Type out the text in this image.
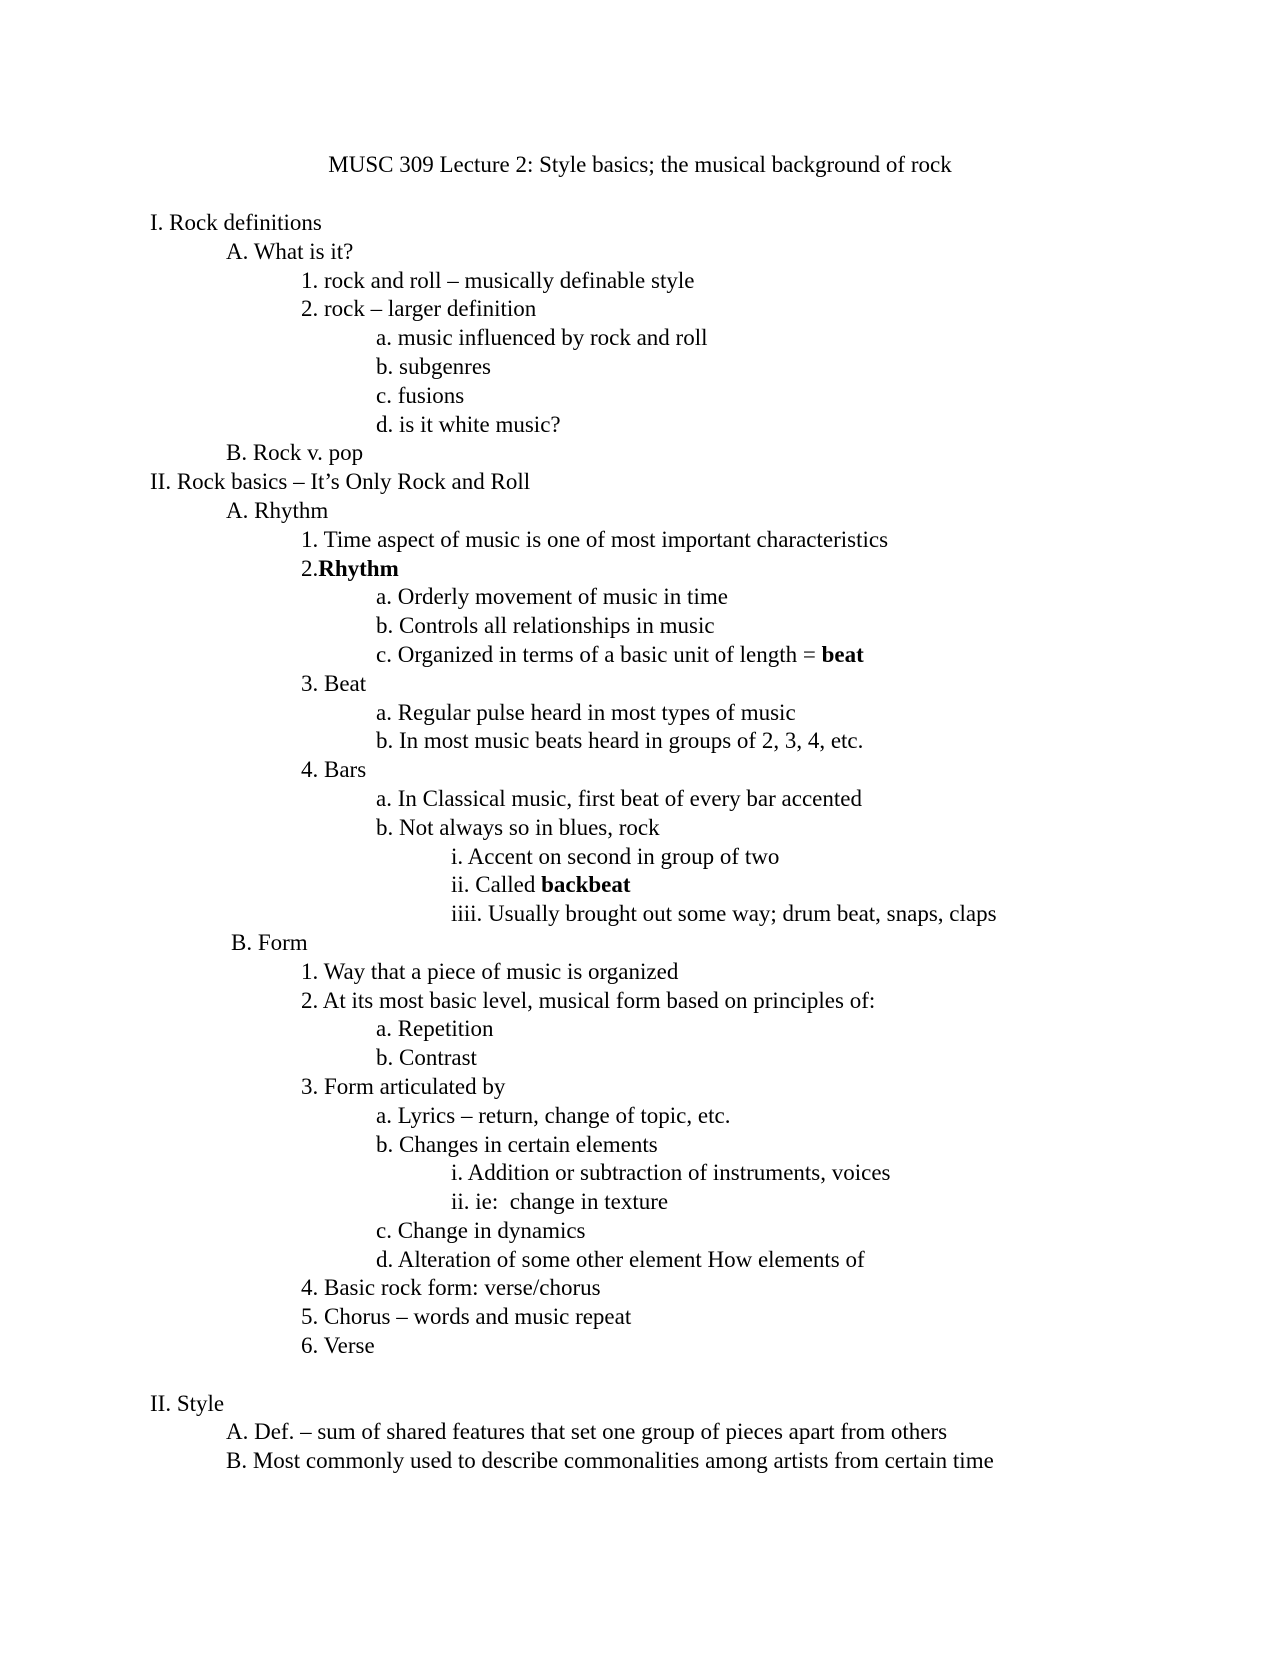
MUSC 309 Lecture 2: Style basics; the musical background of rock
I. Rock definitions
A. What is it?
1. rock and roll – musically definable style
2. rock – larger definition
a. music influenced by rock and roll
b. subgenres
c. fusions
d. is it white music?
B. Rock v. pop
II. Rock basics – It’s Only Rock and Roll
A. Rhythm
1. Time aspect of music is one of most important characteristics
2.Rhythm
a. Orderly movement of music in time
b. Controls all relationships in music
c. Organized in terms of a basic unit of length = beat
3. Beat
a. Regular pulse heard in most types of music
b. In most music beats heard in groups of 2, 3, 4, etc.
4. Bars
a. In Classical music, first beat of every bar accented
b. Not always so in blues, rock
i. Accent on second in group of two
ii. Called backbeat
iiii. Usually brought out some way; drum beat, snaps, claps
B. Form
1. Way that a piece of music is organized
2. At its most basic level, musical form based on principles of:
a. Repetition
b. Contrast
3. Form articulated by
a. Lyrics – return, change of topic, etc.
b. Changes in certain elements
i. Addition or subtraction of instruments, voices
ii. ie:  change in texture
c. Change in dynamics
d. Alteration of some other element How elements of
4. Basic rock form: verse/chorus
5. Chorus – words and music repeat
6. Verse
II. Style
A. Def. – sum of shared features that set one group of pieces apart from others
B. Most commonly used to describe commonalities among artists from certain time
